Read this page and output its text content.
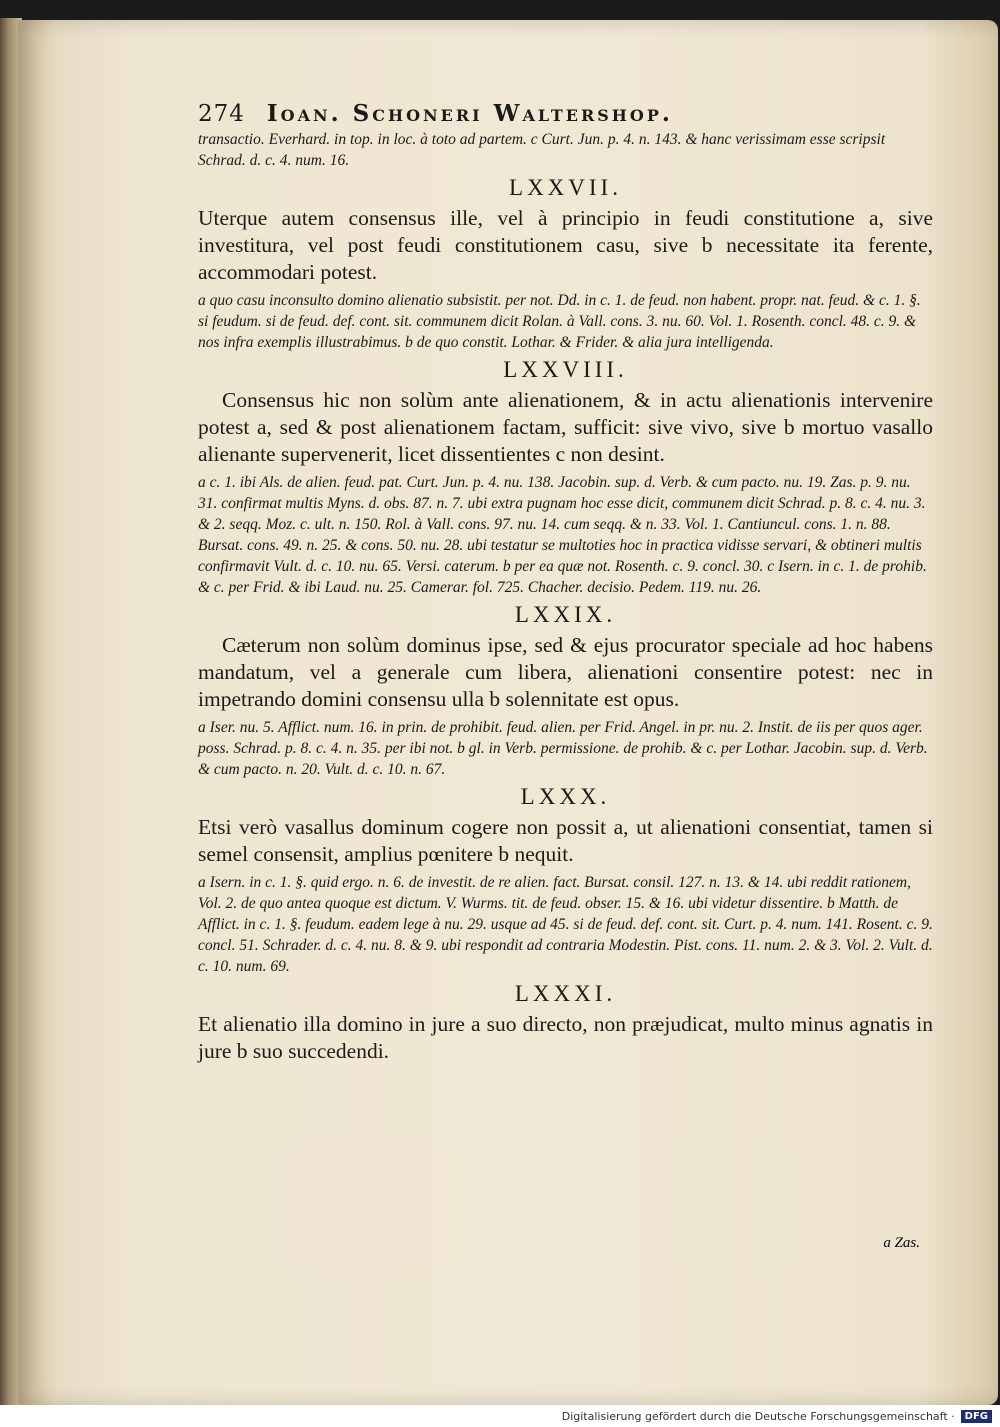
274 Ioan. Schoneri Waltershop.

transactio. Everhard. in top. in loc. à toto ad partem. c Curt. Jun. p. 4. n. 143. & hanc verissimam esse scripsit Schrad. d. c. 4. num. 16.

LXXVII.

Uterque autem consensus ille, vel à principio in feudi constitutione a, sive investitura, vel post feudi constitutionem casu, sive b necessitate ita ferente, accommodari potest.

a quo casu inconsulto domino alienatio subsistit. per not. Dd. in c. 1. de feud. non habent. propr. nat. feud. & c. 1. §. si feudum. si de feud. def. cont. sit. communem dicit Rolan. à Vall. cons. 3. nu. 60. Vol. 1. Rosenth. concl. 48. c. 9. & nos infra exemplis illustrabimus. b de quo constit. Lothar. & Frider. & alia jura intelligenda.

LXXVIII.

Consensus hic non solùm ante alienationem, & in actu alienationis intervenire potest a, sed & post alienationem factam, sufficit: sive vivo, sive b mortuo vasallo alienante supervenerit, licet dissentientes c non desint.

a c. 1. ibi Als. de alien. feud. pat. Curt. Jun. p. 4. nu. 138. Jacobin. sup. d. Verb. & cum pacto. nu. 19. Zas. p. 9. nu. 31. confirmat multis Myns. d. obs. 87. n. 7. ubi extra pugnam hoc esse dicit, communem dicit Schrad. p. 8. c. 4. nu. 3. & 2. seqq. Moz. c. ult. n. 150. Rol. à Vall. cons. 97. nu. 14. cum seqq. & n. 33. Vol. 1. Cantiuncul. cons. 1. n. 88. Bursat. cons. 49. n. 25. & cons. 50. nu. 28. ubi testatur se multoties hoc in practica vidisse servari, & obtineri multis confirmavit Vult. d. c. 10. nu. 65. Versi. caterum. b per ea quæ not. Rosenth. c. 9. concl. 30. c Isern. in c. 1. de prohib. & c. per Frid. & ibi Laud. nu. 25. Camerar. fol. 725. Chacher. decisio. Pedem. 119. nu. 26.

LXXIX.

Cæterum non solùm dominus ipse, sed & ejus procurator speciale ad hoc habens mandatum, vel a generale cum libera, alienationi consentire potest: nec in impetrando domini consensu ulla b solennitate est opus.

a Iser. nu. 5. Afflict. num. 16. in prin. de prohibit. feud. alien. per Frid. Angel. in pr. nu. 2. Instit. de iis per quos ager. poss. Schrad. p. 8. c. 4. n. 35. per ibi not. b gl. in Verb. permissione. de prohib. & c. per Lothar. Jacobin. sup. d. Verb. & cum pacto. n. 20. Vult. d. c. 10. n. 67.

LXXX.

Etsi verò vasallus dominum cogere non possit a, ut alienationi consentiat, tamen si semel consensit, amplius pœnitere b nequit.

a Isern. in c. 1. §. quid ergo. n. 6. de investit. de re alien. fact. Bursat. consil. 127. n. 13. & 14. ubi reddit rationem, Vol. 2. de quo antea quoque est dictum. V. Wurms. tit. de feud. obser. 15. & 16. ubi videtur dissentire. b Matth. de Afflict. in c. 1. §. feudum. eadem lege à nu. 29. usque ad 45. si de feud. def. cont. sit. Curt. p. 4. num. 141. Rosent. c. 9. concl. 51. Schrader. d. c. 4. nu. 8. & 9. ubi respondit ad contraria Modestin. Pist. cons. 11. num. 2. & 3. Vol. 2. Vult. d. c. 10. num. 69.

LXXXI.

Et alienatio illa domino in jure a suo directo, non præjudicat, multo minus agnatis in jure b suo succedendi.

a Zas.
Digitalisierung gefördert durch die Deutsche Forschungsgemeinschaft ·	DFG
